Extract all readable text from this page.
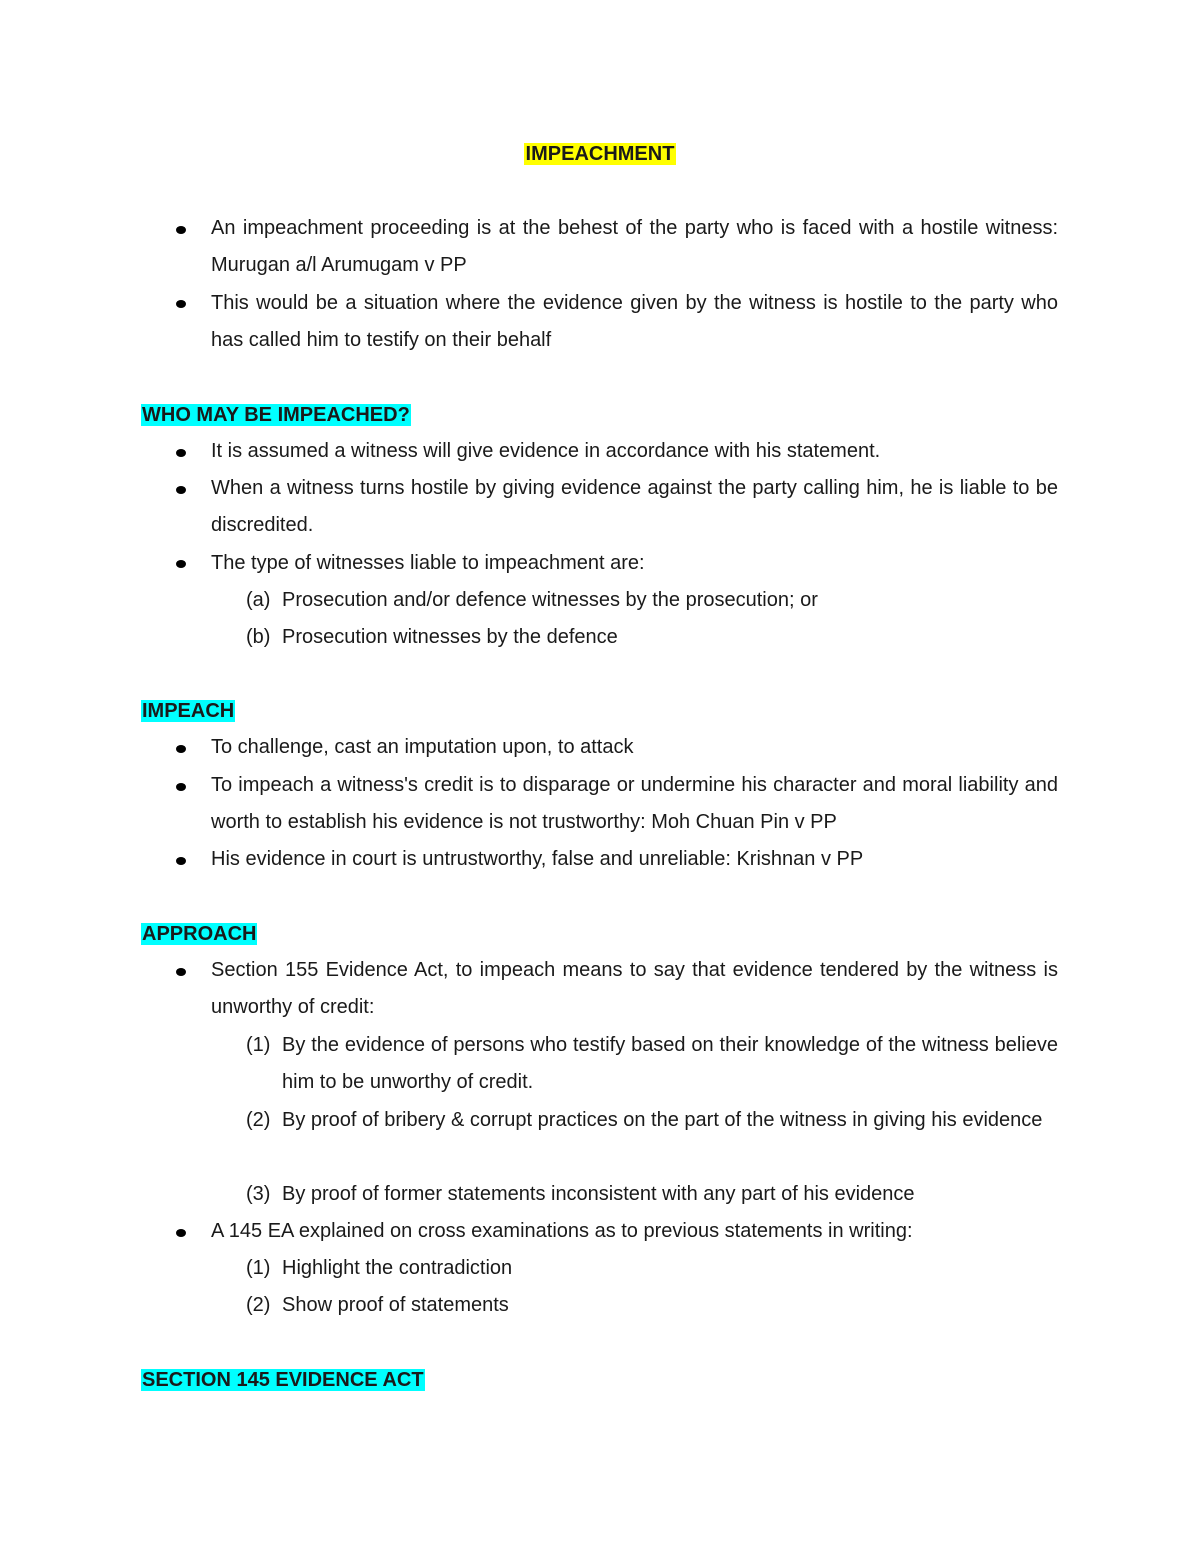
IMPEACHMENT
An impeachment proceeding is at the behest of the party who is faced with a hostile witness: Murugan a/l Arumugam v PP
This would be a situation where the evidence given by the witness is hostile to the party who has called him to testify on their behalf
WHO MAY BE IMPEACHED?
It is assumed a witness will give evidence in accordance with his statement.
When a witness turns hostile by giving evidence against the party calling him, he is liable to be discredited.
The type of witnesses liable to impeachment are:
(a) Prosecution and/or defence witnesses by the prosecution; or
(b) Prosecution witnesses by the defence
IMPEACH
To challenge, cast an imputation upon, to attack
To impeach a witness's credit is to disparage or undermine his character and moral liability and worth to establish his evidence is not trustworthy: Moh Chuan Pin v PP
His evidence in court is untrustworthy, false and unreliable: Krishnan v PP
APPROACH
Section 155 Evidence Act, to impeach means to say that evidence tendered by the witness is unworthy of credit:
(1) By the evidence of persons who testify based on their knowledge of the witness believe him to be unworthy of credit.
(2) By proof of bribery & corrupt practices on the part of the witness in giving his evidence
(3) By proof of former statements inconsistent with any part of his evidence
A 145 EA explained on cross examinations as to previous statements in writing:
(1) Highlight the contradiction
(2) Show proof of statements
SECTION 145 EVIDENCE ACT
